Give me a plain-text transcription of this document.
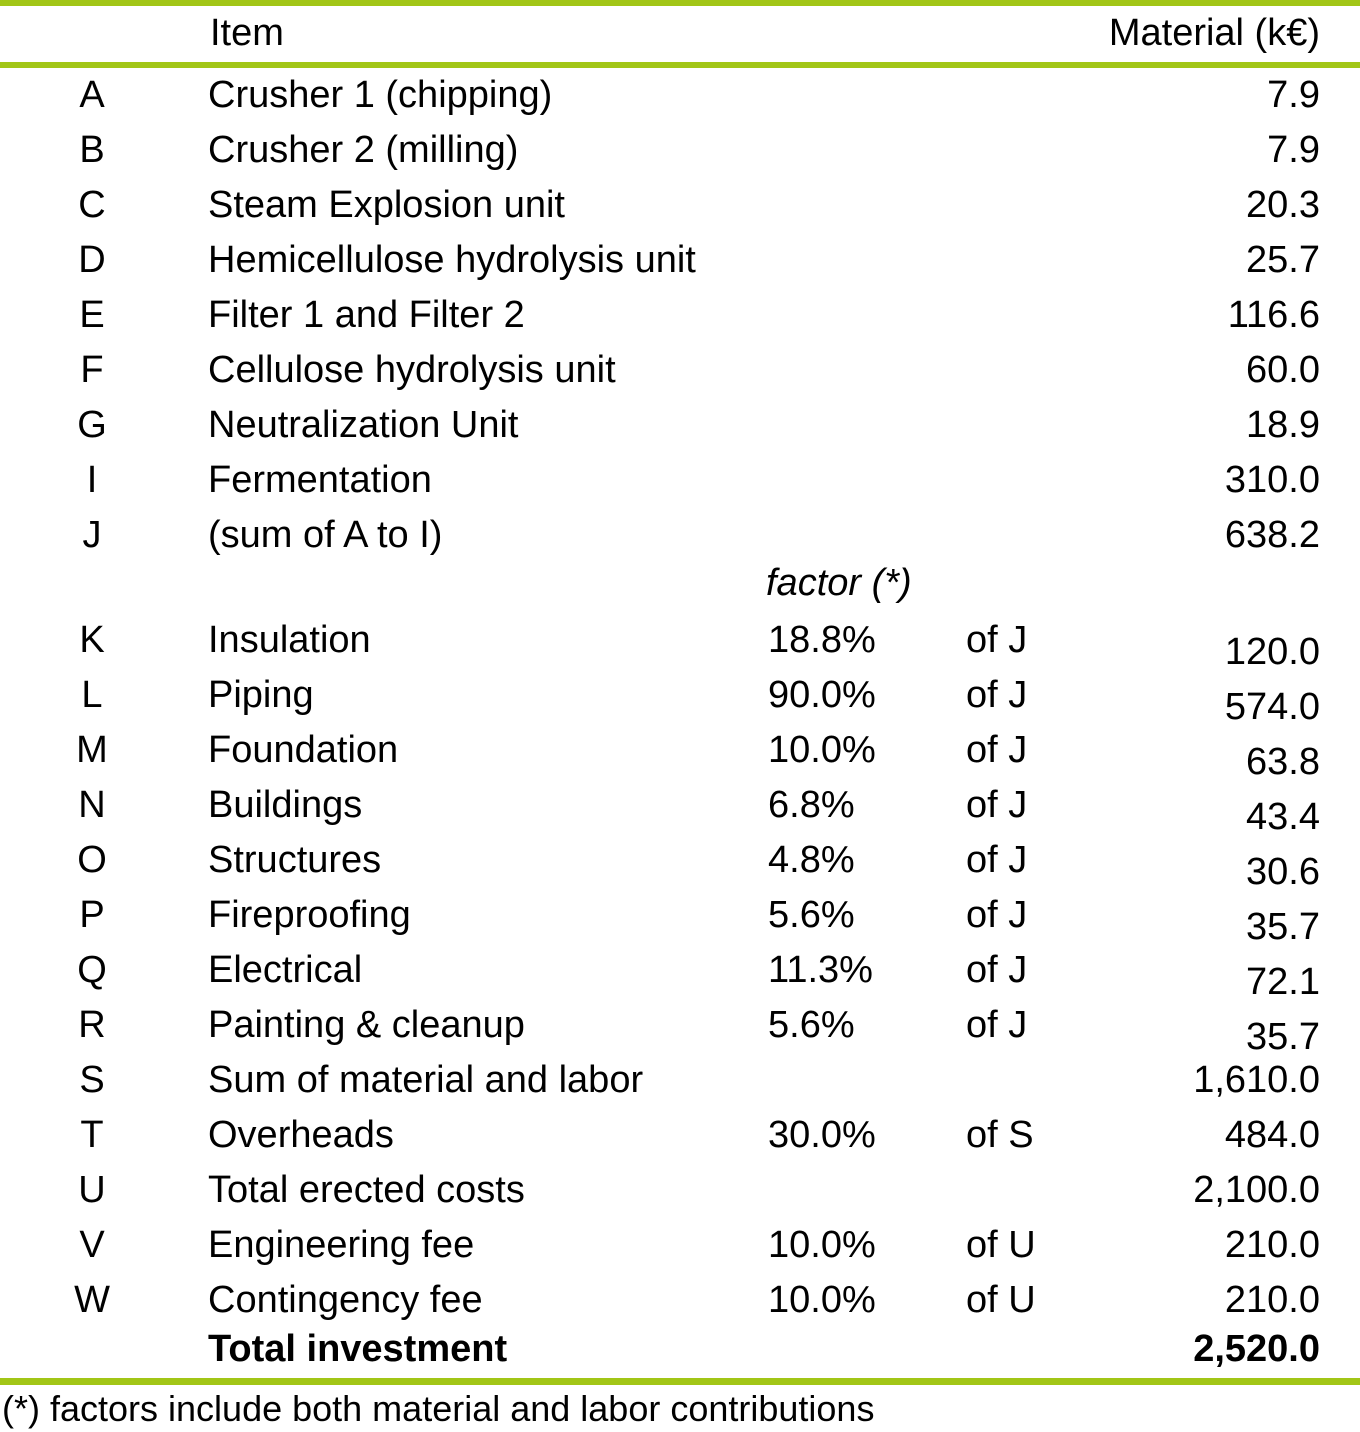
Item	Material (k€)
A	Crusher 1 (chipping)	7.9
B	Crusher 2 (milling)	7.9
C	Steam Explosion unit	20.3
D	Hemicellulose hydrolysis unit	25.7
E	Filter 1 and Filter 2	116.6
F	Cellulose hydrolysis unit	60.0
G	Neutralization Unit	18.9
I	Fermentation	310.0
J	(sum of A to I)	638.2
factor (*)
K	Insulation	18.8% of J	120.0
L	Piping	90.0% of J	574.0
M	Foundation	10.0% of J	63.8
N	Buildings	6.8%	of J	43.4
O	Structures	4.8%	of J	30.6
P	Fireproofing	5.6%	of J	35.7
Q	Electrical	11.3% of J	72.1
R	Painting & cleanup	5.6%	of J	35.7
S	Sum of material and labor	1,610.0
T	Overheads	30.0% of S	484.0
U	Total erected costs	2,100.0
V	Engineering fee	10.0% of U	210.0
W	Contingency fee	10.0% of U	210.0
Total investment	2,520.0
(*) factors include both material and labor contributions
